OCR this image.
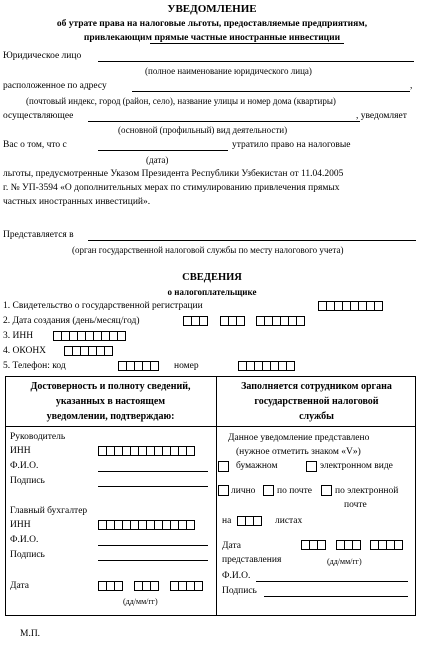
УВЕДОМЛЕНИЕ
об утрате права на налоговые льготы, предоставляемые предприятиям,
привлекающим прямые частные иностранные инвестиции
Юридическое лицо
(полное наименование юридического лица)
расположенное по адресу	,
(почтовый индекс, город (район, село), название улицы и номер дома (квартиры)
осуществляющее	, уведомляет
(основной (профильный) вид деятельности)
Вас о том, что с	утратило право на налоговые
(дата)
льготы, предусмотренные Указом Президента Республики Узбекистан от 11.04.2005
г. № УП-3594 «О дополнительных мерах по стимулированию привлечения прямых
частных иностранных инвестиций».
Представляется в
(орган государственной налоговой службы по месту налогового учета)
СВЕДЕНИЯ
о налогоплательщике
1. Свидетельство о государственной регистрации
2. Дата создания (день/месяц/год)
3. ИНН
4. ОКОНХ
5. Телефон: код	номер
Достоверность и полноту сведений,
указанных в настоящем
уведомлении, подтверждаю:
Заполняется сотрудником органа
государственной налоговой
службы
Руководитель
ИНН
Ф.И.О.
Подпись
Главный бухгалтер
ИНН
Ф.И.О.
Подпись
Дата
(дд/мм/гг)
Данное уведомление представлено
(нужное отметить знаком «V»)
бумажном	электронном виде
лично по почте по электронной
почте
на	листах
Дата
представления	(дд/мм/гг)
Ф.И.О.
Подпись
М.П.
